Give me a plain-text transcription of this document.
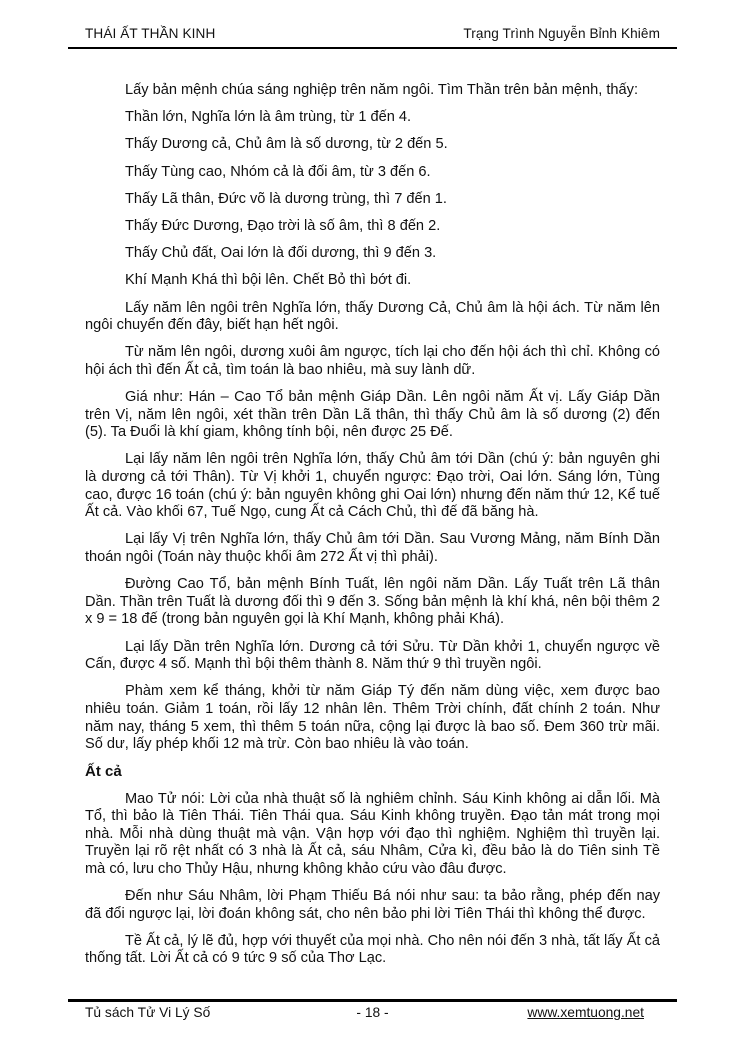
THÁI ẤT THẦN KINH	Trạng Trình Nguyễn Bỉnh Khiêm
Lấy bản mệnh chúa sáng nghiệp trên năm ngôi. Tìm Thần trên bản mệnh, thấy:
Thần lớn, Nghĩa lớn là âm trùng, từ 1 đến 4.
Thấy Dương cả, Chủ âm là số dương, từ 2 đến 5.
Thấy Tùng cao, Nhóm cả là đối âm, từ 3 đến 6.
Thấy Lã thân, Đức võ là dương trùng, thì 7 đến 1.
Thấy Đức Dương, Đạo trời là số âm, thì 8 đến 2.
Thấy Chủ đất, Oai lớn là đối dương, thì 9 đến 3.
Khí Mạnh Khá thì bội lên. Chết Bỏ thì bớt đi.
Lấy năm lên ngôi trên Nghĩa lớn, thấy Dương Cả, Chủ âm là hội ách. Từ năm lên ngôi chuyển đến đây, biết hạn hết ngôi.
Từ năm lên ngôi, dương xuôi âm ngược, tích lại cho đến hội ách thì chỉ. Không có hội ách thì đến Ất cả, tìm toán là bao nhiêu, mà suy lành dữ.
Giá như: Hán – Cao Tổ bản mệnh Giáp Dần. Lên ngôi năm Ất vị. Lấy Giáp Dần trên Vị, năm lên ngôi, xét thần trên Dần Lã thân, thì thấy Chủ âm là số dương (2) đến (5). Ta Đuổi là khí giam, không tính bội, nên được 25 Đế.
Lại lấy năm lên ngôi trên Nghĩa lớn, thấy Chủ âm tới Dần (chú ý: bản nguyên ghi là dương cả tới Thân). Từ Vị khởi 1, chuyển ngược: Đạo trời, Oai lớn. Sáng lớn, Tùng cao, được 16 toán (chú ý: bản nguyên không ghi Oai lớn) nhưng đến năm thứ 12, Kể tuế Ất cả. Vào khối 67, Tuế Ngọ, cung Ất cả Cách Chủ, thì đế đã băng hà.
Lại lấy Vị trên Nghĩa lớn, thấy Chủ âm tới Dần. Sau Vương Mảng, năm Bính Dần thoán ngôi (Toán này thuộc khối âm 272 Ất vị thì phải).
Đường Cao Tổ, bản mệnh Bính Tuất, lên ngôi năm Dần. Lấy Tuất trên Lã thân Dần. Thần trên Tuất là dương đối thì 9 đến 3. Sống bản mệnh là khí khá, nên bội thêm 2 x 9 = 18 đế (trong bản nguyên gọi là Khí Mạnh, không phải Khá).
Lại lấy Dần trên Nghĩa lớn. Dương cả tới Sửu. Từ Dần khởi 1, chuyển ngược về Cấn, được 4 số. Mạnh thì bội thêm thành 8. Năm thứ 9 thì truyền ngôi.
Phàm xem kể tháng, khởi từ năm Giáp Tý đến năm dùng việc, xem được bao nhiêu toán. Giảm 1 toán, rồi lấy 12 nhân lên. Thêm Trời chính, đất chính 2 toán. Như năm nay, tháng 5 xem, thì thêm 5 toán nữa, cộng lại được là bao số. Đem 360 trừ mãi. Số dư, lấy phép khối 12 mà trừ. Còn bao nhiêu là vào toán.
Ất cả
Mao Tử nói: Lời của nhà thuật số là nghiêm chỉnh. Sáu Kinh không ai dẫn lối. Mà Tổ, thì bảo là Tiên Thái. Tiên Thái qua. Sáu Kinh không truyền. Đạo tản mát trong mọi nhà. Mỗi nhà dùng thuật mà vận. Vận hợp với đạo thì nghiệm. Nghiệm thì truyền lại. Truyền lại rõ rệt nhất có 3 nhà là Ất cả, sáu Nhâm, Cửa kì, đều bảo là do Tiên sinh Tề mà có, lưu cho Thủy Hậu, nhưng không khảo cứu vào đâu được.
Đến như Sáu Nhâm, lời Phạm Thiếu Bá nói như sau: ta bảo rằng, phép đến nay đã đổi ngược lại, lời đoán không sát, cho nên bảo phi lời Tiên Thái thì không thể được.
Tề Ất cả, lý lẽ đủ, hợp với thuyết của mọi nhà. Cho nên nói đến 3 nhà, tất lấy Ất cả thống tất. Lời Ất cả có 9 tức 9 số của Thơ Lạc.
Tủ sách Tử Vi Lý Số	- 18 -	www.xemtuong.net
